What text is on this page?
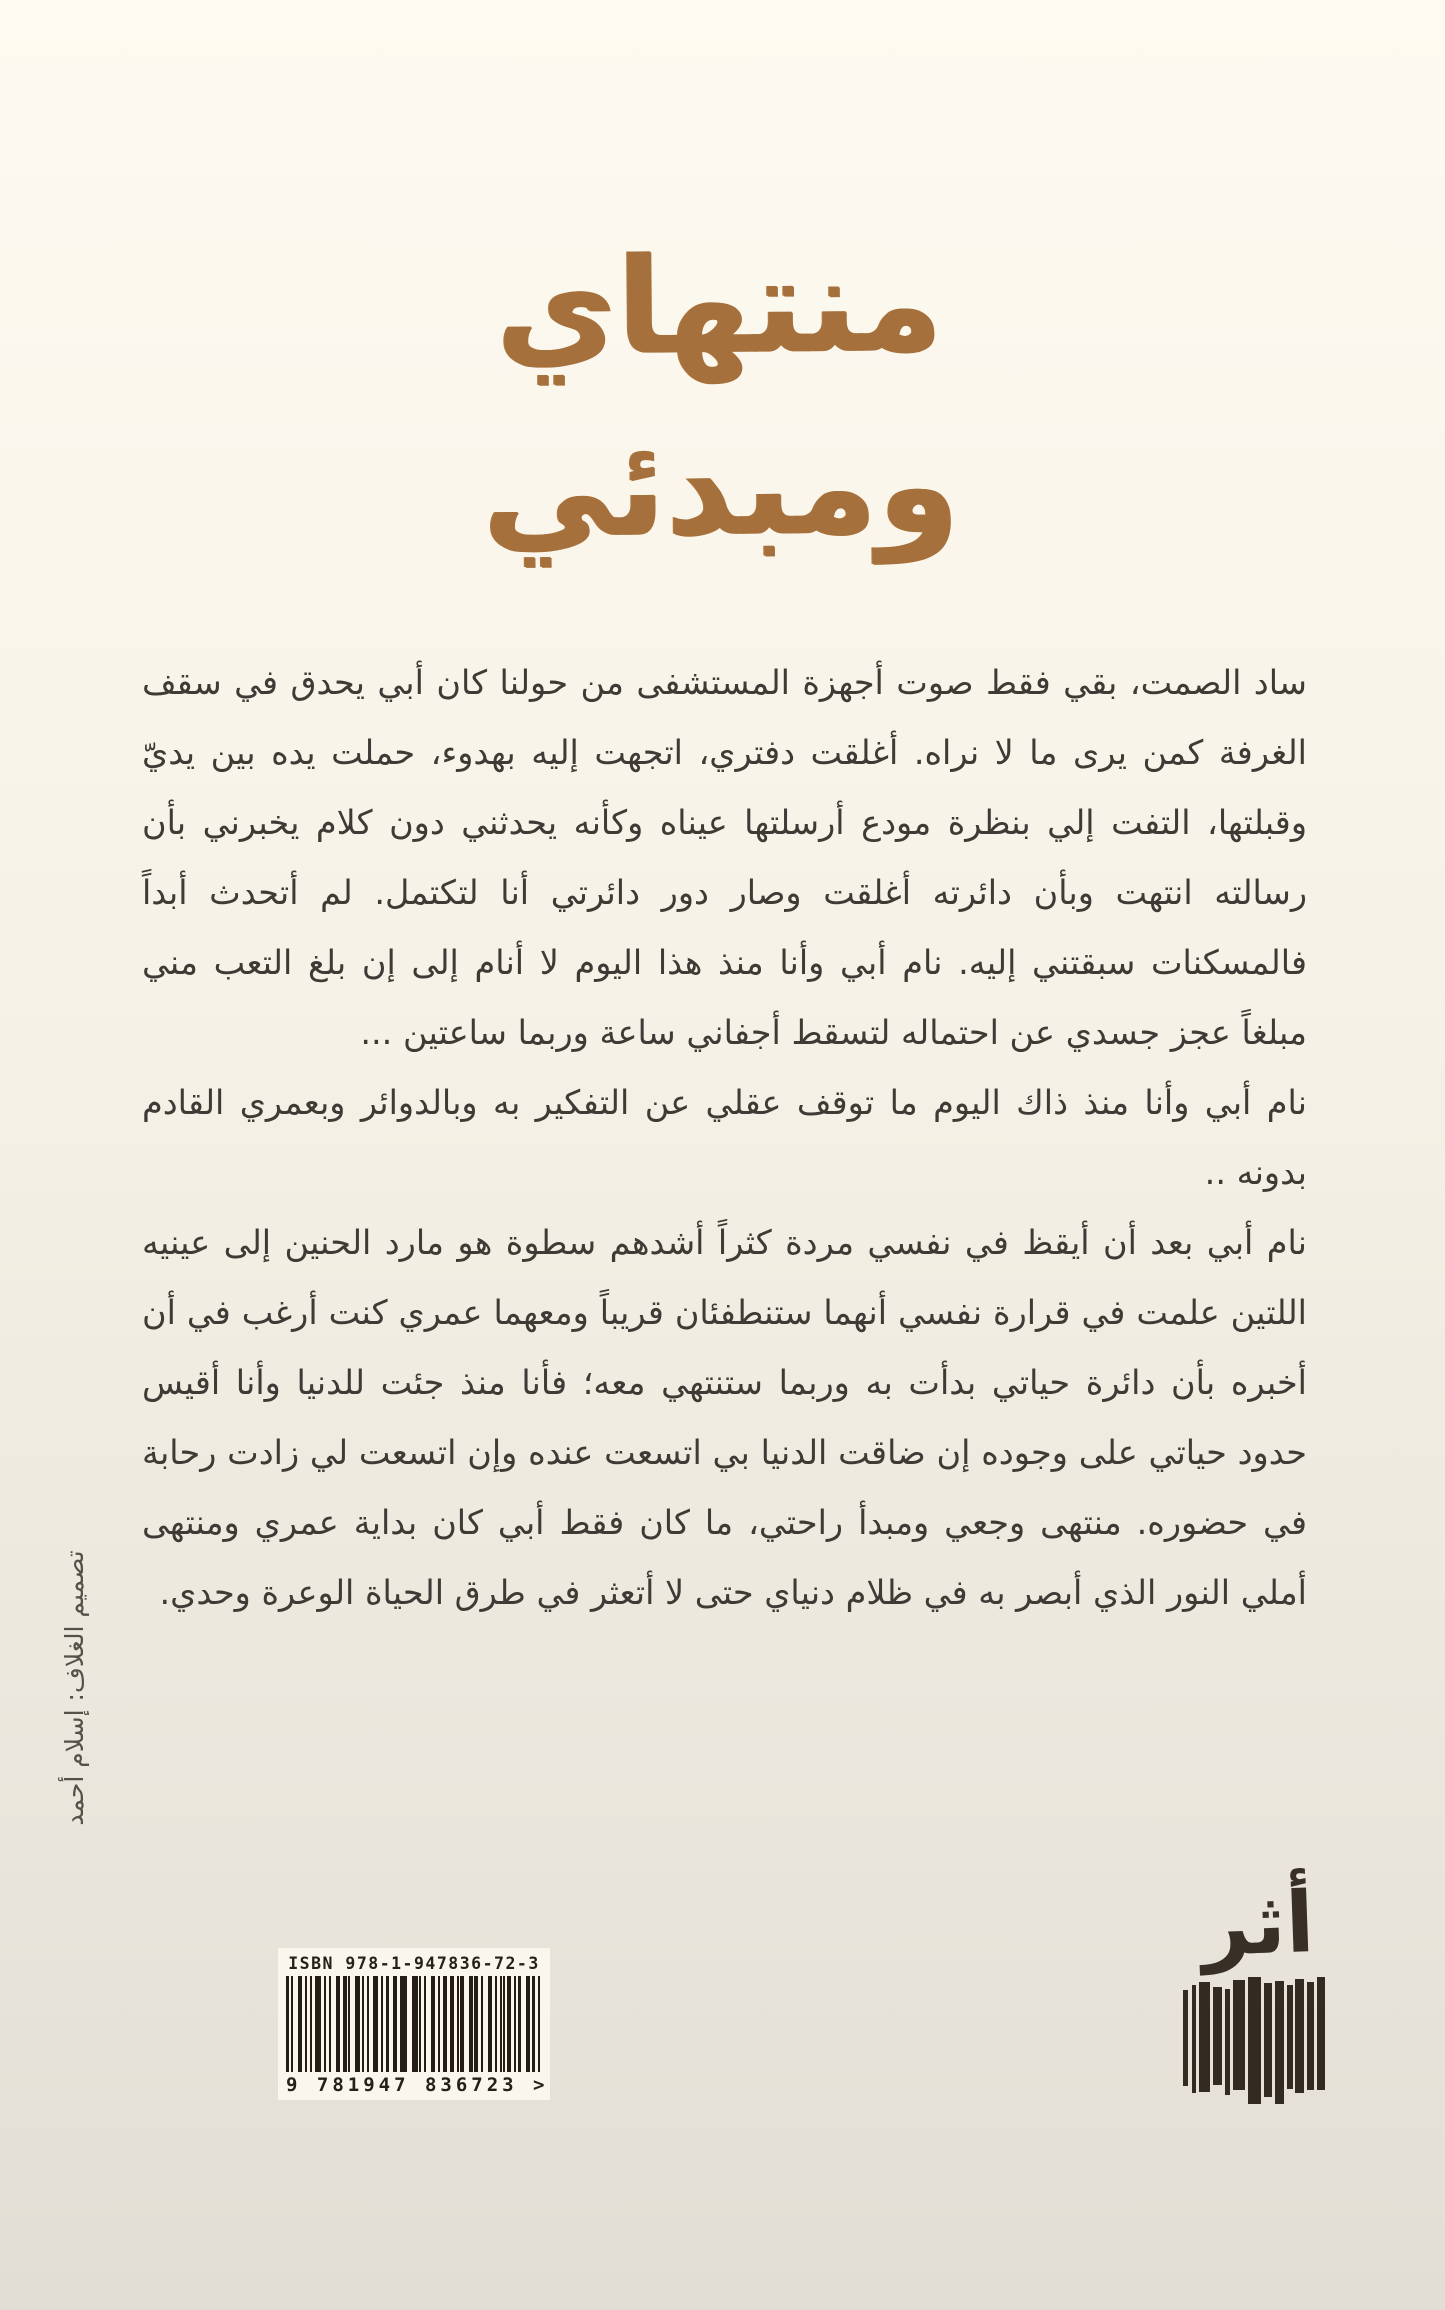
منتهاي
ومبدئي

ساد الصمت، بقي فقط صوت أجهزة المستشفى من حولنا كان أبي يحدق في سقف الغرفة كمن يرى ما لا نراه. أغلقت دفتري، اتجهت إليه بهدوء، حملت يده بين يديّ وقبلتها، التفت إلي بنظرة مودع أرسلتها عيناه وكأنه يحدثني دون كلام يخبرني بأن رسالته انتهت وبأن دائرته أغلقت وصار دور دائرتي أنا لتكتمل. لم أتحدث أبداً فالمسكنات سبقتني إليه. نام أبي وأنا منذ هذا اليوم لا أنام إلى إن بلغ التعب مني مبلغاً عجز جسدي عن احتماله لتسقط أجفاني ساعة وربما ساعتين ...

نام أبي وأنا منذ ذاك اليوم ما توقف عقلي عن التفكير به وبالدوائر وبعمري القادم بدونه ..

نام أبي بعد أن أيقظ في نفسي مردة كثراً أشدهم سطوة هو مارد الحنين إلى عينيه اللتين علمت في قرارة نفسي أنهما ستنطفئان قريباً ومعهما عمري كنت أرغب في أن أخبره بأن دائرة حياتي بدأت به وربما ستنتهي معه؛ فأنا منذ جئت للدنيا وأنا أقيس حدود حياتي على وجوده إن ضاقت الدنيا بي اتسعت عنده وإن اتسعت لي زادت رحابة في حضوره. منتهى وجعي ومبدأ راحتي، ما كان فقط أبي كان بداية عمري ومنتهى أملي النور الذي أبصر به في ظلام دنياي حتى لا أتعثر في طرق الحياة الوعرة وحدي.

تصميم الغلاف: إسلام أحمد
ISBN 978-1-947836-72-3
9 781947 836723 >
أثر
